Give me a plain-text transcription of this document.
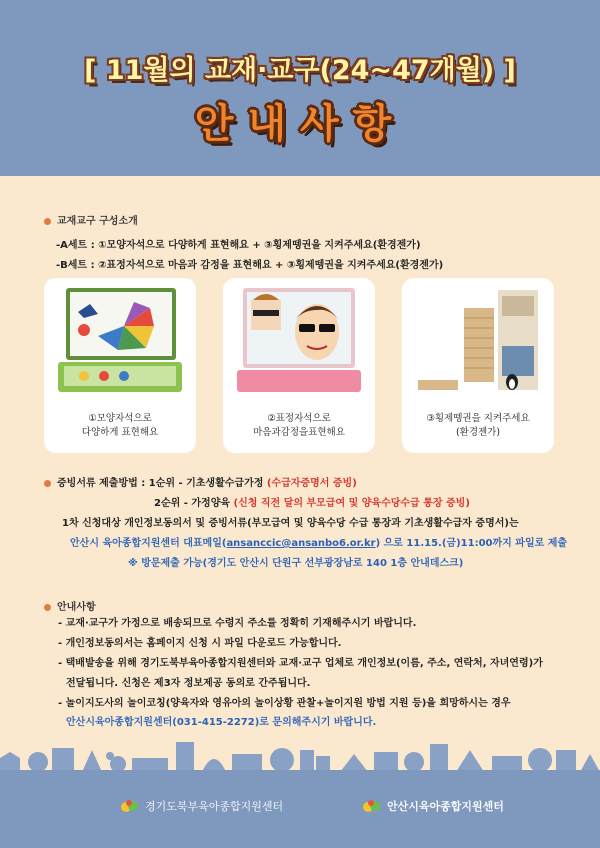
[ 11월의 교재·교구(24~47개월) ]
안내사항
교재교구 구성소개
-A세트 : ①모양자석으로 다양하게 표현해요 + ③횡제뗑권을 지켜주세요(환경젠가)
-B세트 : ②표정자석으로 마음과 감정을 표현해요 + ③횡제뗑권을 지켜주세요(환경젠가)
①모양자석으로
다양하게 표현해요
②표정자석으로
마음과감정을표현해요
③횡제뗑권을 지켜주세요
(환경젠가)
증빙서류 제출방법 : 1순위 - 기초생활수급가정 (수급자증명서 증빙)
2순위 - 가정양육 (신청 직전 달의 부모급여 및 양육수당수급 통장 증빙)
1차 신청대상 개인정보동의서 및 증빙서류(부모급여 및 양육수당 수급 통장과 기초생활수급자 증명서)는
안산시 육아종합지원센터 대표메일(ansanccic@ansanbo6.or.kr) 으로 11.15.(금)11:00까지 파일로 제출
※ 방문제출 가능(경기도 안산시 단원구 선부광장남로 140 1층 안내데스크)
안내사항
- 교재·교구가 가정으로 배송되므로 수령지 주소를 정확히 기재해주시기 바랍니다.
- 개인정보동의서는 홈페이지 신청 시 파일 다운로드 가능합니다.
- 택배발송을 위해 경기도북부육아종합지원센터와 교재·교구 업체로 개인정보(이름, 주소, 연락처, 자녀연령)가
전달됩니다. 신청은 제3자 정보제공 동의로 간주됩니다.
- 놀이지도사의 놀이코칭(양육자와 영유아의 놀이상황 관찰+놀이지원 방법 지원 등)을 희망하시는 경우
안산시육아종합지원센터(031-415-2272)로 문의해주시기 바랍니다.
경기도북부육아종합지원센터	안산시육아종합지원센터
